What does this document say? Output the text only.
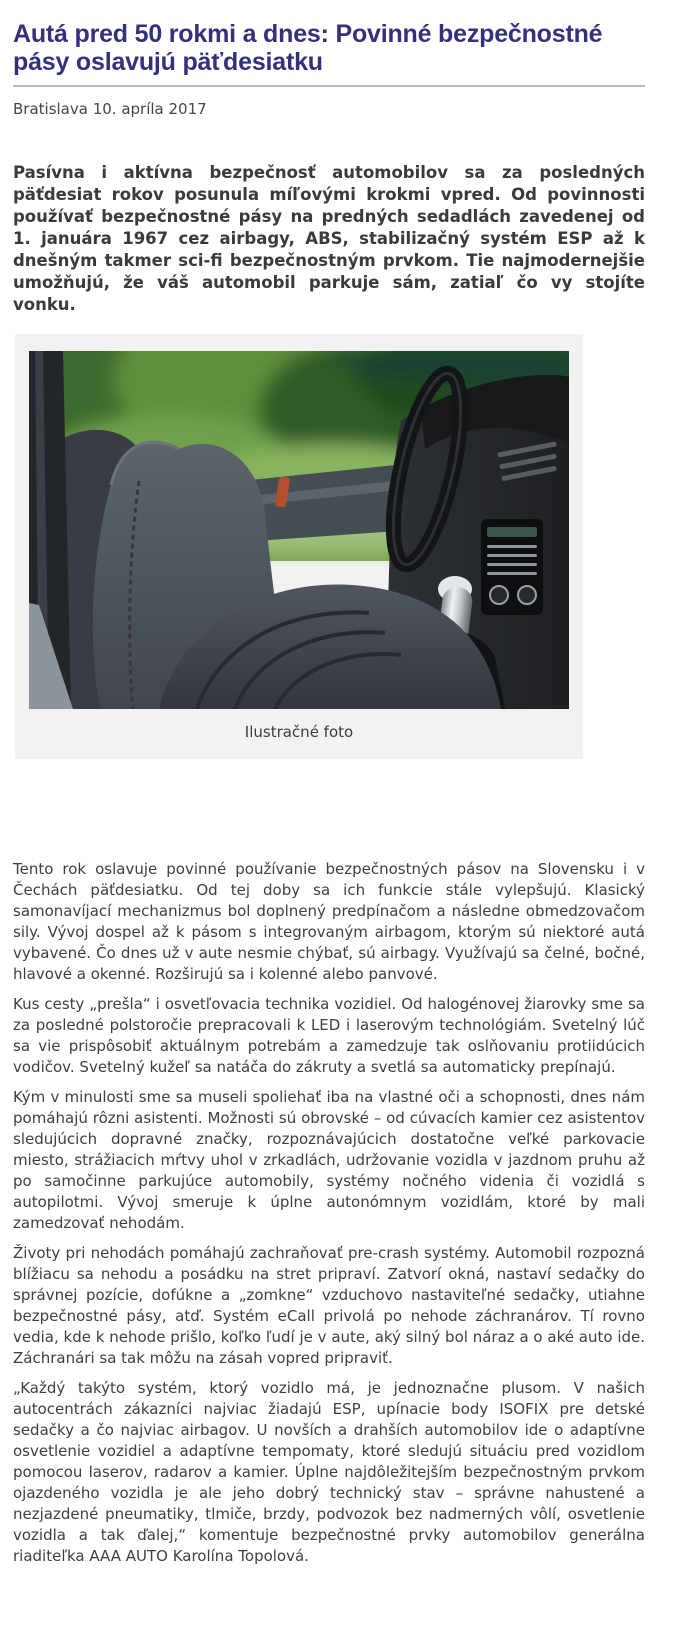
Autá pred 50 rokmi a dnes: Povinné bezpečnostné pásy oslavujú päťdesiatku

Bratislava 10. apríla 2017

Pasívna i aktívna bezpečnosť automobilov sa za posledných päťdesiat rokov posunula míľovými krokmi vpred. Od povinnosti používať bezpečnostné pásy na predných sedadlách zavedenej od 1. januára 1967 cez airbagy, ABS, stabilizačný systém ESP až k dnešným takmer sci-fi bezpečnostným prvkom. Tie najmodernejšie umožňujú, že váš automobil parkuje sám, zatiaľ čo vy stojíte vonku.

Ilustračné foto

Tento rok oslavuje povinné používanie bezpečnostných pásov na Slovensku i v Čechách päťdesiatku. Od tej doby sa ich funkcie stále vylepšujú. Klasický samonavíjací mechanizmus bol doplnený predpínačom a následne obmedzovačom sily. Vývoj dospel až k pásom s integrovaným airbagom, ktorým sú niektoré autá vybavené. Čo dnes už v aute nesmie chýbať, sú airbagy. Využívajú sa čelné, bočné, hlavové a okenné. Rozširujú sa i kolenné alebo panvové.

Kus cesty „prešla“ i osvetľovacia technika vozidiel. Od halogénovej žiarovky sme sa za posledné polstoročie prepracovali k LED i laserovým technológiám. Svetelný lúč sa vie prispôsobiť aktuálnym potrebám a zamedzuje tak oslňovaniu protiidúcich vodičov. Svetelný kužeľ sa natáča do zákruty a svetlá sa automaticky prepínajú.

Kým v minulosti sme sa museli spoliehať iba na vlastné oči a schopnosti, dnes nám pomáhajú rôzni asistenti. Možnosti sú obrovské – od cúvacích kamier cez asistentov sledujúcich dopravné značky, rozpoznávajúcich dostatočne veľké parkovacie miesto, strážiacich mŕtvy uhol v zrkadlách, udržovanie vozidla v jazdnom pruhu až po samočinne parkujúce automobily, systémy nočného videnia či vozidlá s autopilotmi. Vývoj smeruje k úplne autonómnym vozidlám, ktoré by mali zamedzovať nehodám.

Životy pri nehodách pomáhajú zachraňovať pre-crash systémy. Automobil rozpozná blížiacu sa nehodu a posádku na stret pripraví. Zatvorí okná, nastaví sedačky do správnej pozície, dofúkne a „zomkne“ vzduchovo nastaviteľné sedačky, utiahne bezpečnostné pásy, atď. Systém eCall privolá po nehode záchranárov. Tí rovno vedia, kde k nehode prišlo, koľko ľudí je v aute, aký silný bol náraz a o aké auto ide. Záchranári sa tak môžu na zásah vopred pripraviť.

„Každý takýto systém, ktorý vozidlo má, je jednoznačne plusom. V našich autocentrách zákazníci najviac žiadajú ESP, upínacie body ISOFIX pre detské sedačky a čo najviac airbagov. U novších a drahších automobilov ide o adaptívne osvetlenie vozidiel a adaptívne tempomaty, ktoré sledujú situáciu pred vozidlom pomocou laserov, radarov a kamier. Úplne najdôležitejším bezpečnostným prvkom ojazdeného vozidla je ale jeho dobrý technický stav – správne nahustené a nezjazdené pneumatiky, tlmiče, brzdy, podvozok bez nadmerných vôlí, osvetlenie vozidla a tak ďalej,“ komentuje bezpečnostné prvky automobilov generálna riaditeľka AAA AUTO Karolína Topolová.
